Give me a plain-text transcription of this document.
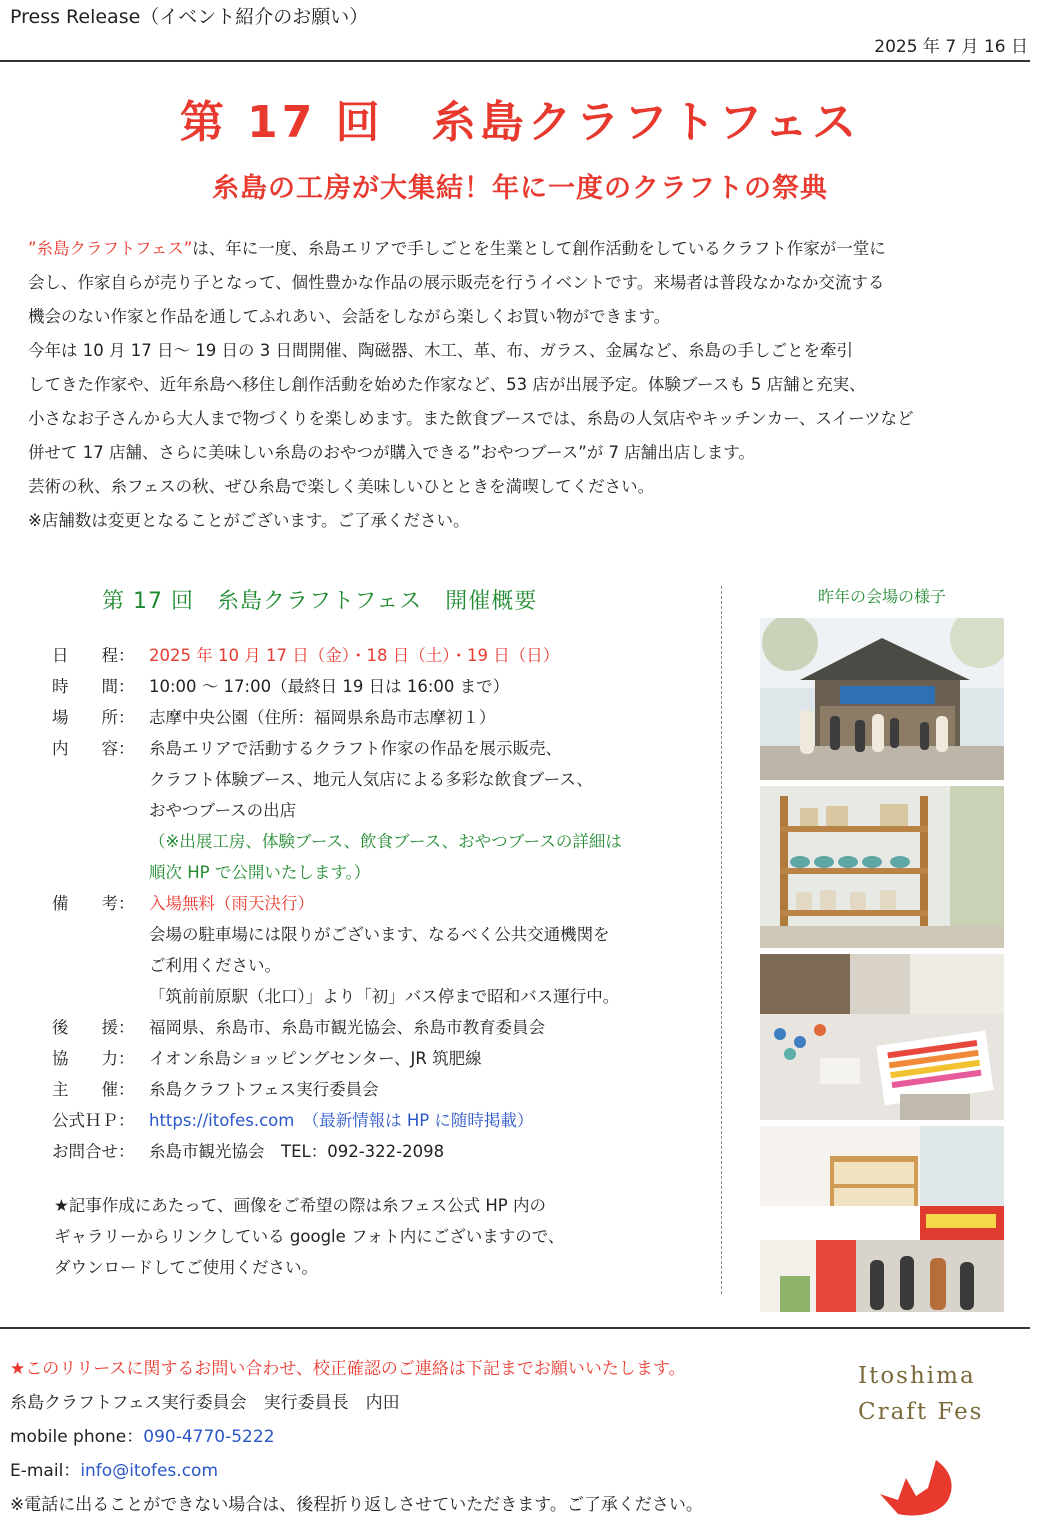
Press Release（イベント紹介のお願い）
2025 年 7 月 16 日
第 17 回　糸島クラフトフェス
糸島の工房が大集結！年に一度のクラフトの祭典
”糸島クラフトフェス”は、年に一度、糸島エリアで手しごとを生業として創作活動をしているクラフト作家が一堂に
会し、作家自らが売り子となって、個性豊かな作品の展示販売を行うイベントです。来場者は普段なかなか交流する
機会のない作家と作品を通してふれあい、会話をしながら楽しくお買い物ができます。
今年は 10 月 17 日～ 19 日の 3 日間開催、陶磁器、木工、革、布、ガラス、金属など、糸島の手しごとを牽引
してきた作家や、近年糸島へ移住し創作活動を始めた作家など、53 店が出展予定。体験ブースも 5 店舗と充実、
小さなお子さんから大人まで物づくりを楽しめます。また飲食ブースでは、糸島の人気店やキッチンカー、スイーツなど
併せて 17 店舗、さらに美味しい糸島のおやつが購入できる”おやつブース”が 7 店舗出店します。
芸術の秋、糸フェスの秋、ぜひ糸島で楽しく美味しいひとときを満喫してください。
※店舗数は変更となることがございます。ご了承ください。
第 17 回　糸島クラフトフェス　開催概要
日　　程： 2025 年 10 月 17 日（金）・18 日（土）・19 日（日）
時　　間： 10:00 ～ 17:00（最終日 19 日は 16:00 まで）
場　　所： 志摩中央公園（住所：福岡県糸島市志摩初１）
内　　容： 糸島エリアで活動するクラフト作家の作品を展示販売、
クラフト体験ブース、地元人気店による多彩な飲食ブース、
おやつブースの出店
（※出展工房、体験ブース、飲食ブース、おやつブースの詳細は
順次 HP で公開いたします。）
備　　考： 入場無料（雨天決行）
会場の駐車場には限りがございます、なるべく公共交通機関を
ご利用ください。
「筑前前原駅（北口）」より「初」バス停まで昭和バス運行中。
後　　援： 福岡県、糸島市、糸島市観光協会、糸島市教育委員会
協　　力： イオン糸島ショッピングセンター、JR 筑肥線
主　　催： 糸島クラフトフェス実行委員会
公式ＨＰ： https://itofes.com　（最新情報は HP に随時掲載）
お問合せ： 糸島市観光協会　TEL：092-322-2098
★記事作成にあたって、画像をご希望の際は糸フェス公式 HP 内の
ギャラリーからリンクしている google フォト内にございますので、
ダウンロードしてご使用ください。
昨年の会場の様子
★このリリースに関するお問い合わせ、校正確認のご連絡は下記までお願いいたします。
糸島クラフトフェス実行委員会　実行委員長　内田
mobile phone：090-4770-5222
E-mail：info@itofes.com
※電話に出ることができない場合は、後程折り返しさせていただきます。ご了承ください。
Itoshima
Craft Fes
